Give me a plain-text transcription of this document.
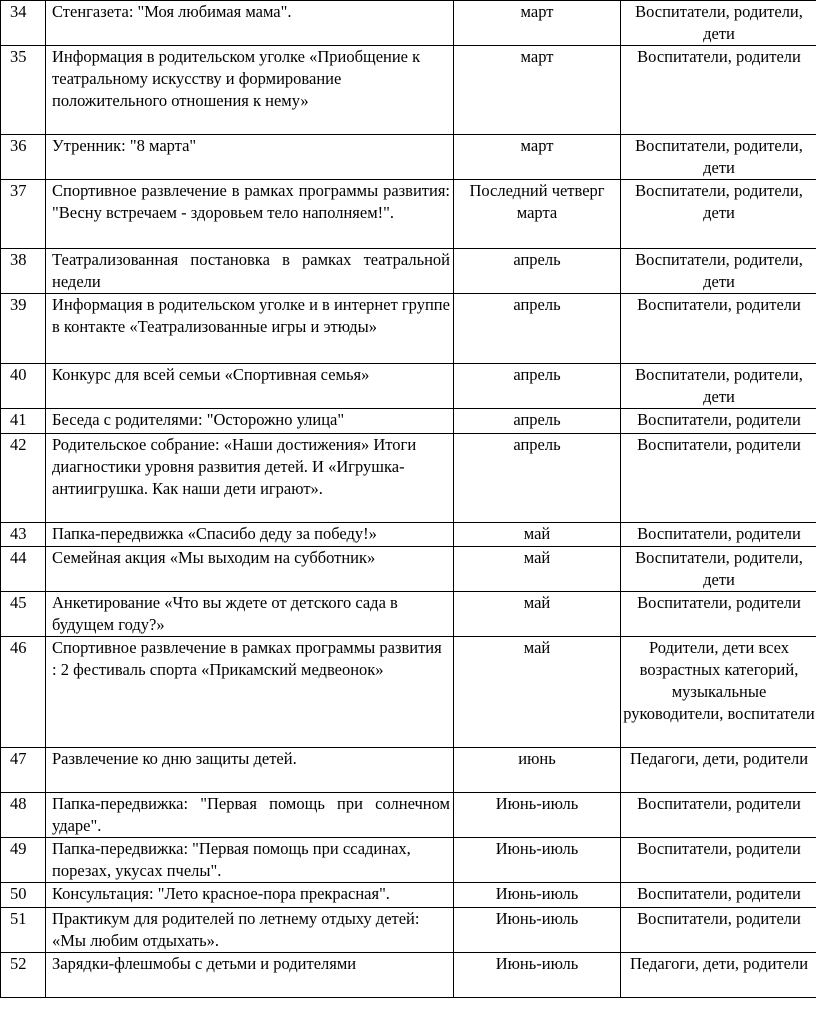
34	Стенгазета: "Моя любимая мама".	март	Воспитатели, родители, дети
35	Информация в родительском уголке «Приобщение к театральному искусству и формирование положительного отношения к нему»	март	Воспитатели, родители
36	Утренник: "8 марта"	март	Воспитатели, родители, дети
37	Спортивное развлечение в рамках программы развития: "Весну встречаем - здоровьем тело наполняем!".	Последний четверг марта	Воспитатели, родители, дети
38	Театрализованная постановка в рамках театральной недели	апрель	Воспитатели, родители, дети
39	Информация в родительском уголке и в интернет группе в контакте «Театрализованные игры и этюды»	апрель	Воспитатели, родители
40	Конкурс для всей семьи «Спортивная семья»	апрель	Воспитатели, родители, дети
41	Беседа с родителями: "Осторожно улица"	апрель	Воспитатели, родители
42	Родительское собрание: «Наши достижения» Итоги диагностики уровня развития детей. И «Игрушка-антиигрушка. Как наши дети играют».	апрель	Воспитатели, родители
43	Папка-передвижка «Спасибо деду за победу!»	май	Воспитатели, родители
44	Семейная акция «Мы выходим на субботник»	май	Воспитатели, родители, дети
45	Анкетирование «Что вы ждете от детского сада в будущем году?»	май	Воспитатели, родители
46	Спортивное развлечение в рамках программы развития : 2 фестиваль спорта «Прикамский медвеонок»	май	Родители, дети всех возрастных категорий, музыкальные руководители, воспитатели
47	Развлечение ко дню защиты детей.	июнь	Педагоги, дети, родители
48	Папка-передвижка: "Первая помощь при солнечном ударе".	Июнь-июль	Воспитатели, родители
49	Папка-передвижка: "Первая помощь при ссадинах, порезах, укусах пчелы".	Июнь-июль	Воспитатели, родители
50	Консультация: "Лето красное-пора прекрасная".	Июнь-июль	Воспитатели, родители
51	Практикум для родителей по летнему отдыху детей: «Мы любим отдыхать».	Июнь-июль	Воспитатели, родители
52	Зарядки-флешмобы с детьми и родителями	Июнь-июль	Педагоги, дети, родители
